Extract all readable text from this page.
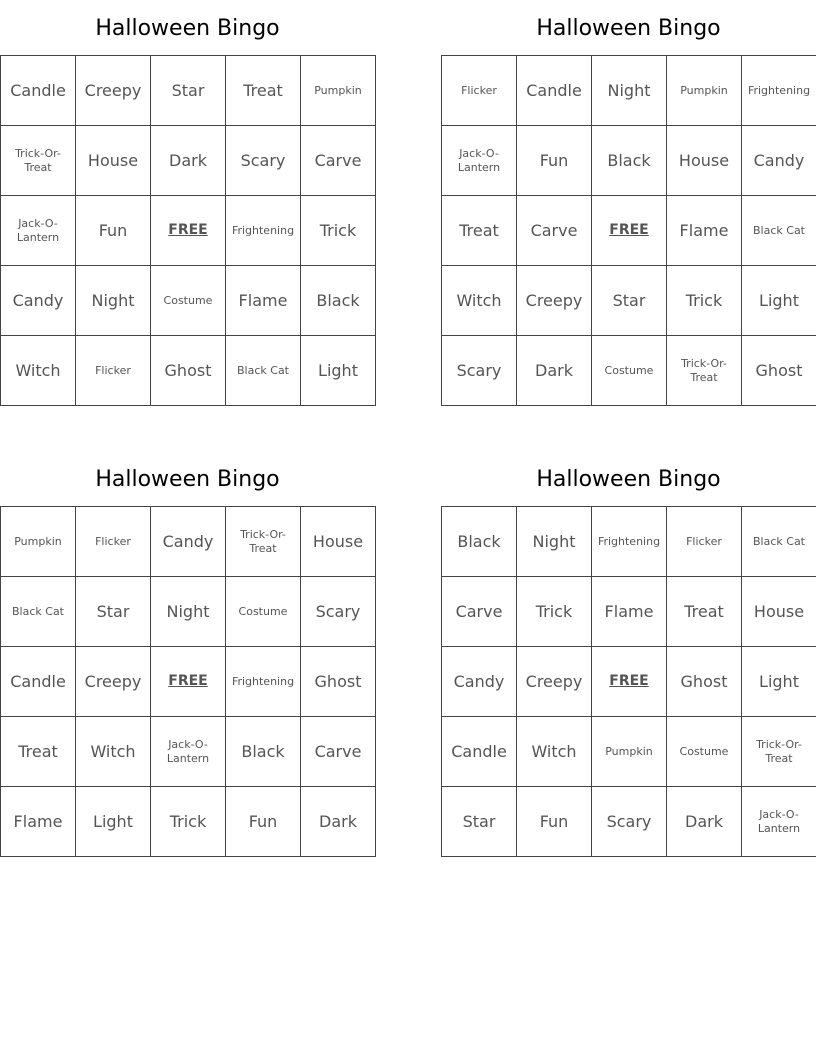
Halloween Bingo
Candle	Creepy	Star	Treat	Pumpkin
Trick-Or-Treat	House	Dark	Scary	Carve
Jack-O-Lantern	Fun	FREE	Frightening	Trick
Candy	Night	Costume	Flame	Black
Witch	Flicker	Ghost	Black Cat	Light
Halloween Bingo
Flicker	Candle	Night	Pumpkin	Frightening
Jack-O-Lantern	Fun	Black	House	Candy
Treat	Carve	FREE	Flame	Black Cat
Witch	Creepy	Star	Trick	Light
Scary	Dark	Costume	Trick-Or-Treat	Ghost
Halloween Bingo
Pumpkin	Flicker	Candy	Trick-Or-Treat	House
Black Cat	Star	Night	Costume	Scary
Candle	Creepy	FREE	Frightening	Ghost
Treat	Witch	Jack-O-Lantern	Black	Carve
Flame	Light	Trick	Fun	Dark
Halloween Bingo
Black	Night	Frightening	Flicker	Black Cat
Carve	Trick	Flame	Treat	House
Candy	Creepy	FREE	Ghost	Light
Candle	Witch	Pumpkin	Costume	Trick-Or-Treat
Star	Fun	Scary	Dark	Jack-O-Lantern
